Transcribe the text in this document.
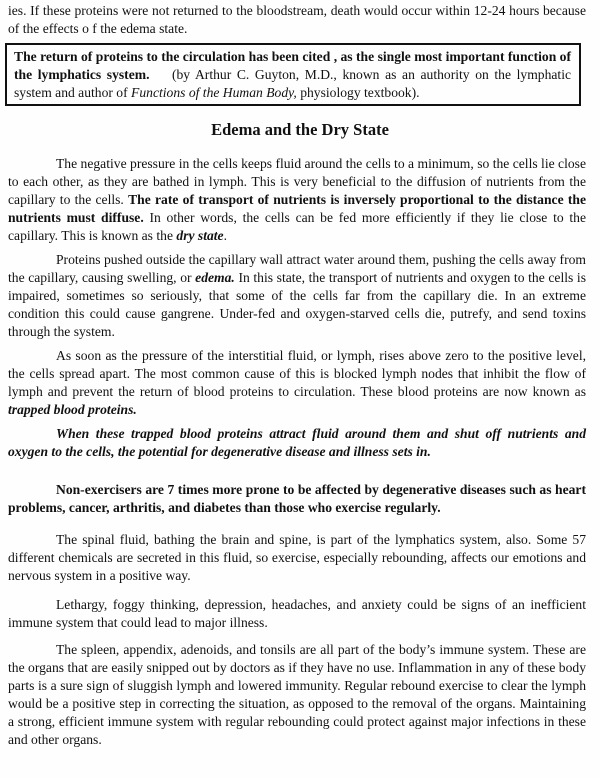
ies. If these proteins were not returned to the bloodstream, death would occur within 12-24 hours because of the effects o f the edema state.

The return of proteins to the circulation has been cited , as the single most important function of the lymphatics system. (by Arthur C. Guyton, M.D., known as an authority on the lymphatic system and author of Functions of the Human Body, physiology textbook).
Edema and the Dry State

The negative pressure in the cells keeps fluid around the cells to a minimum, so the cells lie close to each other, as they are bathed in lymph. This is very beneficial to the diffusion of nutrients from the capillary to the cells. The rate of transport of nutrients is inversely proportional to the distance the nutrients must diffuse. In other words, the cells can be fed more efficiently if they lie close to the capillary. This is known as the dry state.

Proteins pushed outside the capillary wall attract water around them, pushing the cells away from the capillary, causing swelling, or edema. In this state, the transport of nutrients and oxygen to the cells is impaired, sometimes so seriously, that some of the cells far from the capillary die. In an extreme condition this could cause gangrene. Under-fed and oxygen-starved cells die, putrefy, and send toxins through the system.

As soon as the pressure of the interstitial fluid, or lymph, rises above zero to the positive level, the cells spread apart. The most common cause of this is blocked lymph nodes that inhibit the flow of lymph and prevent the return of blood proteins to circulation. These blood proteins are now known as trapped blood proteins.

When these trapped blood proteins attract fluid around them and shut off nutrients and oxygen to the cells, the potential for degenerative disease and illness sets in.

Non-exercisers are 7 times more prone to be affected by degenerative diseases such as heart problems, cancer, arthritis, and diabetes than those who exercise regularly.

The spinal fluid, bathing the brain and spine, is part of the lymphatics system, also. Some 57 different chemicals are secreted in this fluid, so exercise, especially rebounding, affects our emotions and nervous system in a positive way.

Lethargy, foggy thinking, depression, headaches, and anxiety could be signs of an inefficient immune system that could lead to major illness.

The spleen, appendix, adenoids, and tonsils are all part of the body’s immune system. These are the organs that are easily snipped out by doctors as if they have no use. Inflammation in any of these body parts is a sure sign of sluggish lymph and lowered immunity. Regular rebound exercise to clear the lymph would be a positive step in correcting the situation, as opposed to the removal of the organs. Maintaining a strong, efficient immune system with regular rebounding could protect against major infections in these and other organs.
